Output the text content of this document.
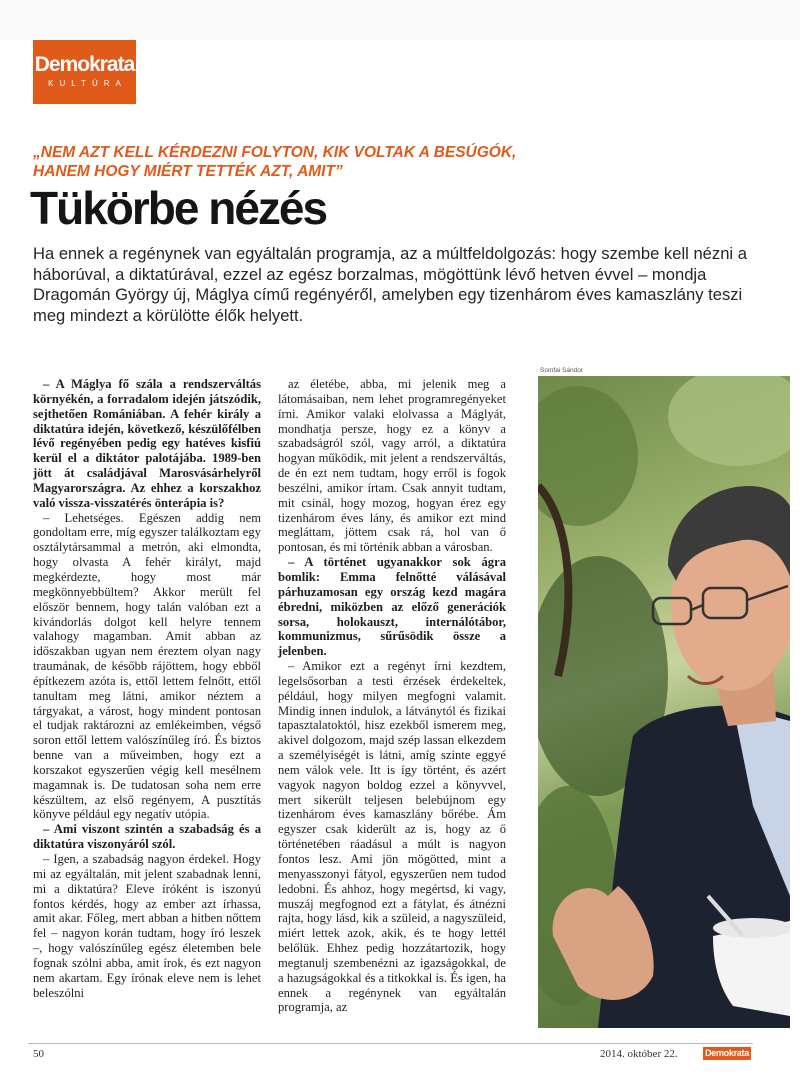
Demokrata
KULTÚRA

„NEM AZT KELL KÉRDEZNI FOLYTON, KIK VOLTAK A BESÚGÓK, HANEM HOGY MIÉRT TETTÉK AZT, AMIT”

Tükörbe nézés

Ha ennek a regénynek van egyáltalán programja, az a múltfeldolgozás: hogy szembe kell nézni a háborúval, a diktatúrával, ezzel az egész borzalmas, mögöttünk lévő hetven évvel – mondja Dragomán György új, Máglya című regényéről, amelyben egy tizenhárom éves kamaszlány teszi meg mindezt a körülötte élők helyett.

– A Máglya fő szála a rendszerváltás környékén, a forradalom idején játszódik, sejthetően Romániában. A fehér király a diktatúra idején, következő, készülőfélben lévő regényében pedig egy hatéves kisfiú kerül el a diktátor palotájába. 1989-ben jött át családjával Marosvásárhelyről Magyarországra. Az ehhez a korszakhoz való vissza-visszatérés önterápia is?

– Lehetséges. Egészen addig nem gondoltam erre, míg egyszer találkoztam egy osztálytársammal a metrón, aki elmondta, hogy olvasta A fehér királyt, majd megkérdezte, hogy most már megkönnyebbültem? Akkor merült fel először bennem, hogy talán valóban ezt a kivándorlás dolgot kell helyre tennem valahogy magamban. Amit abban az időszakban ugyan nem éreztem olyan nagy traumának, de később rájöttem, hogy ebből építkezem azóta is, ettől lettem felnőtt, ettől tanultam meg látni, amikor néztem a tárgyakat, a várost, hogy mindent pontosan el tudjak raktározni az emlékeimben, végső soron ettől lettem valószínűleg író. És biztos benne van a műveimben, hogy ezt a korszakot egyszerűen végig kell mesélnem magamnak is. De tudatosan soha nem erre készültem, az első regényem, A pusztítás könyve például egy negatív utópia.

– Ami viszont szintén a szabadság és a diktatúra viszonyáról szól.

– Igen, a szabadság nagyon érdekel. Hogy mi az egyáltalán, mit jelent szabadnak lenni, mi a diktatúra? Eleve íróként is iszonyú fontos kérdés, hogy az ember azt írhassa, amit akar. Főleg, mert abban a hitben nőttem fel – nagyon korán tudtam, hogy író leszek –, hogy valószínűleg egész életemben bele fognak szólni abba, amit írok, és ezt nagyon nem akartam. Egy írónak eleve nem is lehet beleszólni

az életébe, abba, mi jelenik meg a látomásaiban, nem lehet programregényeket írni. Amikor valaki elolvassa a Máglyát, mondhatja persze, hogy ez a könyv a szabadságról szól, vagy arról, a diktatúra hogyan működik, mit jelent a rendszerváltás, de én ezt nem tudtam, hogy erről is fogok beszélni, amikor írtam. Csak annyit tudtam, mit csinál, hogy mozog, hogyan érez egy tizenhárom éves lány, és amikor ezt mind megláttam, jöttem csak rá, hol van ő pontosan, és mi történik abban a városban.

– A történet ugyanakkor sok ágra bomlik: Emma felnőtté válásával párhuzamosan egy ország kezd magára ébredni, miközben az előző generációk sorsa, holokauszt, internálótábor, kommunizmus, sűrűsödik össze a jelenben.

– Amikor ezt a regényt írni kezdtem, legelsősorban a testi érzések érdekeltek, például, hogy milyen megfogni valamit. Mindig innen indulok, a látványtól és fizikai tapasztalatoktól, hisz ezekből ismerem meg, akivel dolgozom, majd szép lassan elkezdem a személyiségét is látni, amíg szinte eggyé nem válok vele. Itt is így történt, és azért vagyok nagyon boldog ezzel a könyvvel, mert sikerült teljesen belebújnom egy tizenhárom éves kamaszlány bőrébe. Ám egyszer csak kiderült az is, hogy az ő történetében ráadásul a múlt is nagyon fontos lesz. Ami jön mögötted, mint a menyasszonyi fátyol, egyszerűen nem tudod ledobni. És ahhoz, hogy megértsd, ki vagy, muszáj megfognod ezt a fátylat, és átnézni rajta, hogy lásd, kik a szüleid, a nagyszüleid, miért lettek azok, akik, és te hogy lettél belőlük. Ehhez pedig hozzátartozik, hogy megtanulj szembenézni az igazságokkal, de a hazugságokkal és a titkokkal is. És igen, ha ennek a regénynek van egyáltalán programja, az

Somfai Sándor
50	2014. október 22.	Demokrata
